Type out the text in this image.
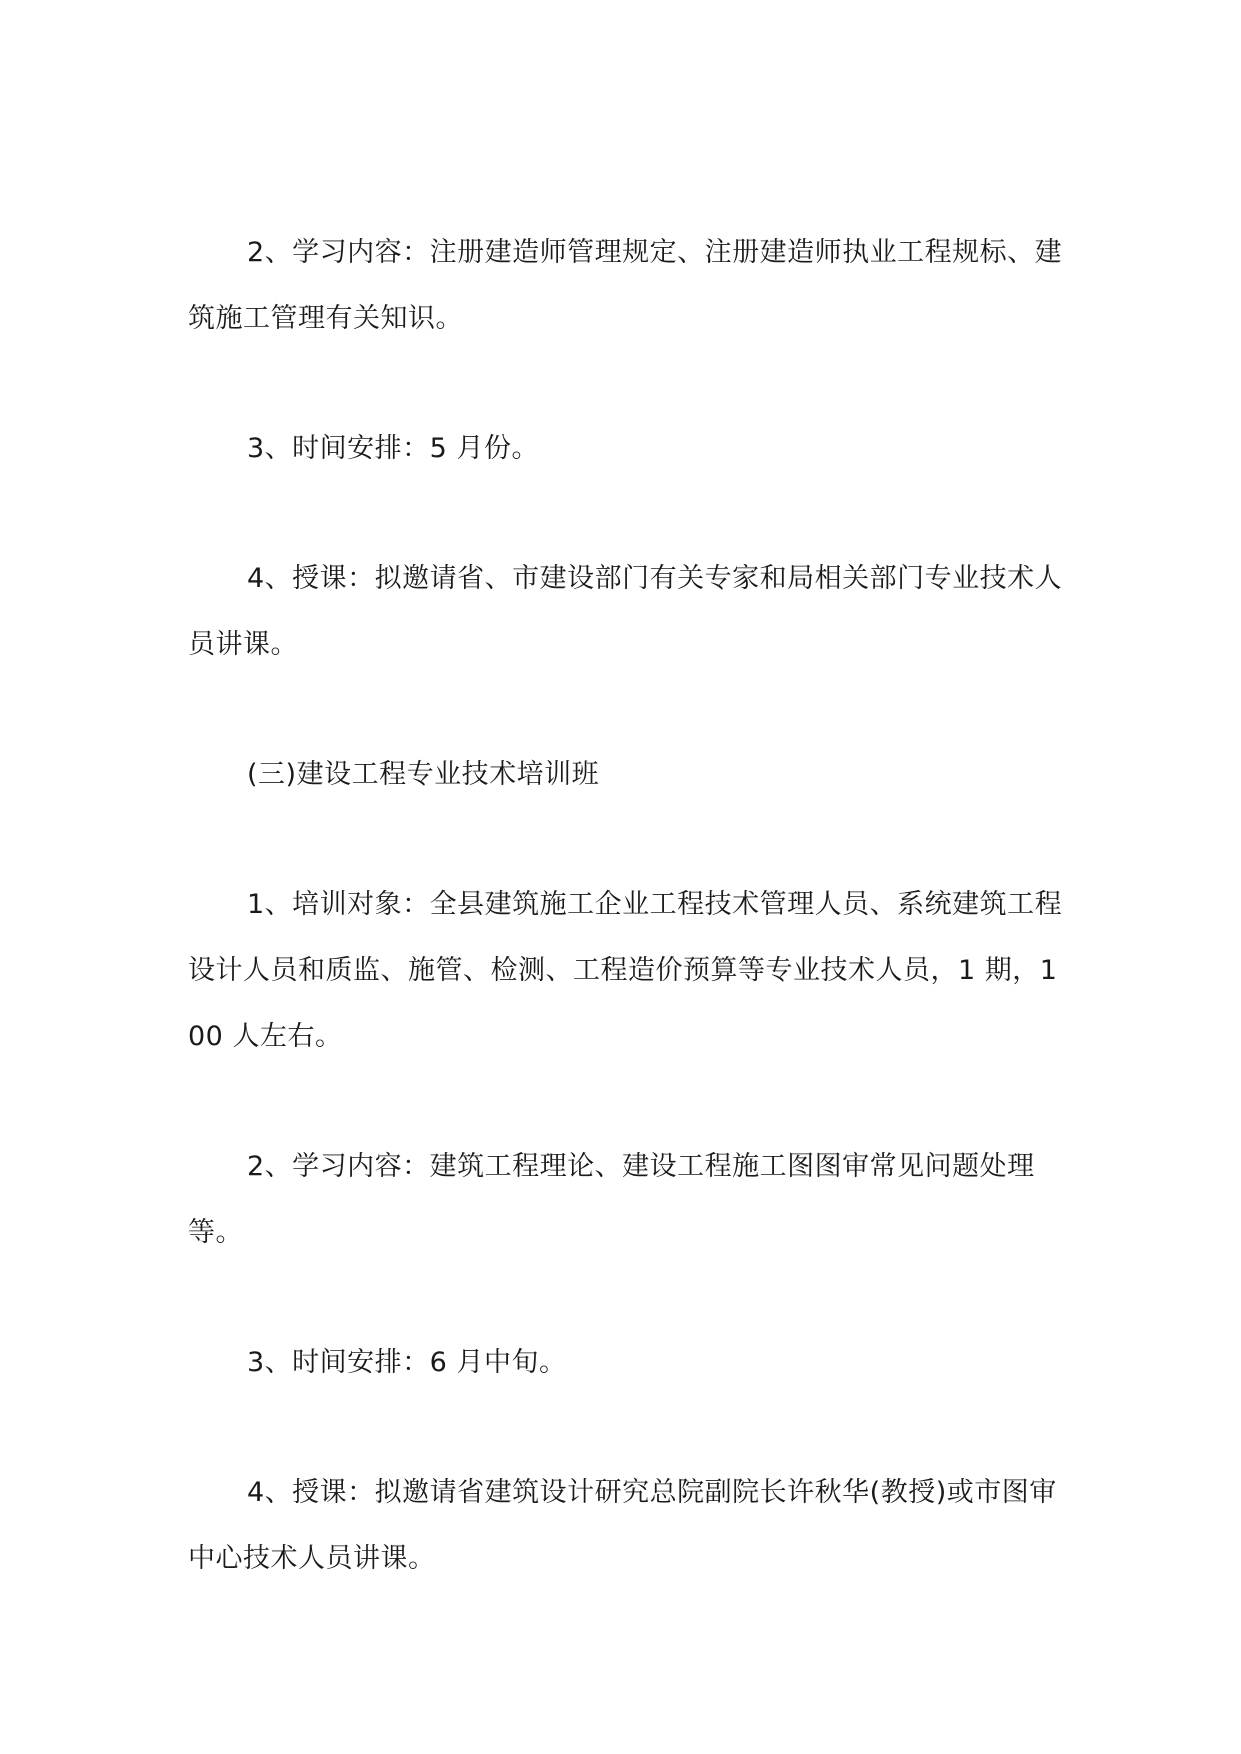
2、学习内容：注册建造师管理规定、注册建造师执业工程规标、建筑施工管理有关知识。

3、时间安排：5 月份。

4、授课：拟邀请省、市建设部门有关专家和局相关部门专业技术人员讲课。

(三)建设工程专业技术培训班

1、培训对象：全县建筑施工企业工程技术管理人员、系统建筑工程设计人员和质监、施管、检测、工程造价预算等专业技术人员，1 期，100 人左右。

2、学习内容：建筑工程理论、建设工程施工图图审常见问题处理等。

3、时间安排：6 月中旬。

4、授课：拟邀请省建筑设计研究总院副院长许秋华(教授)或市图审中心技术人员讲课。
